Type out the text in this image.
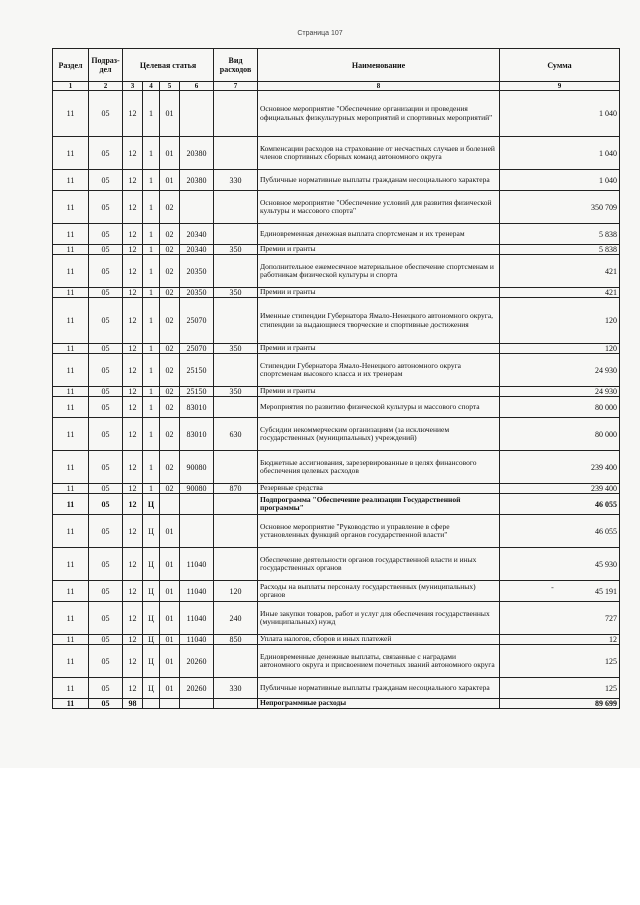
Страница 107
Раздел	Подраз-дел	Целевая статья				Вид расходов	Наименование	Сумма
1	2	3	4	5	6	7	8	9
11	05	12	1	01			Основное мероприятие "Обеспечение организации и проведения официальных физкультурных мероприятий и спортивных мероприятий"	1 040
11	05	12	1	01	20380		Компенсации расходов на страхование от несчастных случаев и болезней членов спортивных сборных команд автономного округа	1 040
11	05	12	1	01	20380	330	Публичные нормативные выплаты гражданам несоциального характера	1 040
11	05	12	1	02			Основное мероприятие "Обеспечение условий для развития физической культуры и массового спорта"	350 709
11	05	12	1	02	20340		Единовременная денежная выплата спортсменам и их тренерам	5 838
11	05	12	1	02	20340	350	Премии и гранты	5 838
11	05	12	1	02	20350		Дополнительное ежемесячное материальное обеспечение спортсменам и работникам физической культуры и спорта	421
11	05	12	1	02	20350	350	Премии и гранты	421
11	05	12	1	02	25070		Именные стипендии Губернатора Ямало-Ненецкого автономного округа, стипендии за выдающиеся творческие и спортивные достижения	120
11	05	12	1	02	25070	350	Премии и гранты	120
11	05	12	1	02	25150		Стипендии Губернатора Ямало-Ненецкого автономного округа спортсменам высокого класса и их тренерам	24 930
11	05	12	1	02	25150	350	Премии и гранты	24 930
11	05	12	1	02	83010		Мероприятия по развитию физической культуры и массового спорта	80 000
11	05	12	1	02	83010	630	Субсидии некоммерческим организациям (за исключением государственных (муниципальных) учреждений)	80 000
11	05	12	1	02	90080		Бюджетные ассигнования, зарезервированные в целях финансового обеспечения целевых расходов	239 400
11	05	12	1	02	90080	870	Резервные средства	239 400
11	05	12	Ц				Подпрограмма "Обеспечение реализации Государственной программы"	46 055
11	05	12	Ц	01			Основное мероприятие "Руководство и управление в сфере установленных функций органов государственной власти"	46 055
11	05	12	Ц	01	11040		Обеспечение деятельности органов государственной власти и иных государственных органов	45 930
11	05	12	Ц	01	11040	120	Расходы на выплаты персоналу государственных (муниципальных) органов	45 191
11	05	12	Ц	01	11040	240	Иные закупки товаров, работ и услуг для обеспечения государственных (муниципальных) нужд	727
11	05	12	Ц	01	11040	850	Уплата налогов, сборов и иных платежей	12
11	05	12	Ц	01	20260		Единовременные денежные выплаты, связанные с наградами автономного округа и присвоением почетных званий автономного округа	125
11	05	12	Ц	01	20260	330	Публичные нормативные выплаты гражданам несоциального характера	125
11	05	98					Непрограммные расходы	89 699
-
